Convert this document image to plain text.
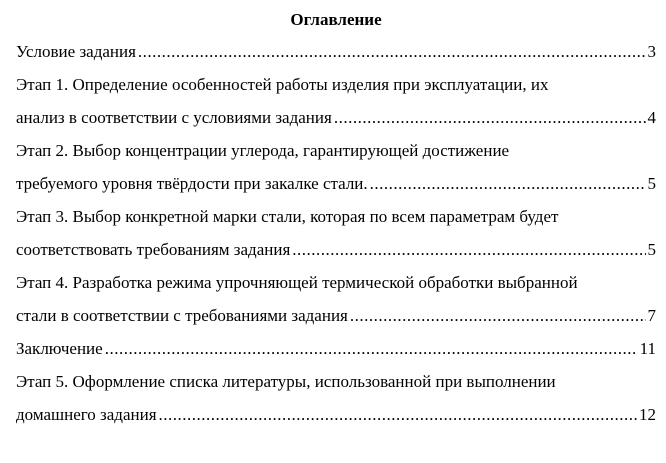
Оглавление
Условие задания .....	3
Этап 1. Определение особенностей работы изделия при эксплуатации, их
анализ в соответствии с условиями задания .....	4
Этап 2. Выбор концентрации углерода, гарантирующей достижение
требуемого уровня твёрдости при закалке стали. .....	5
Этап 3. Выбор конкретной марки стали, которая по всем параметрам будет
соответствовать требованиям задания .....	5
Этап 4. Разработка режима упрочняющей термической обработки выбранной
стали в соответствии с требованиями задания .....	7
Заключение .....	11
Этап 5. Оформление списка литературы, использованной при выполнении
домашнего задания .....	12
